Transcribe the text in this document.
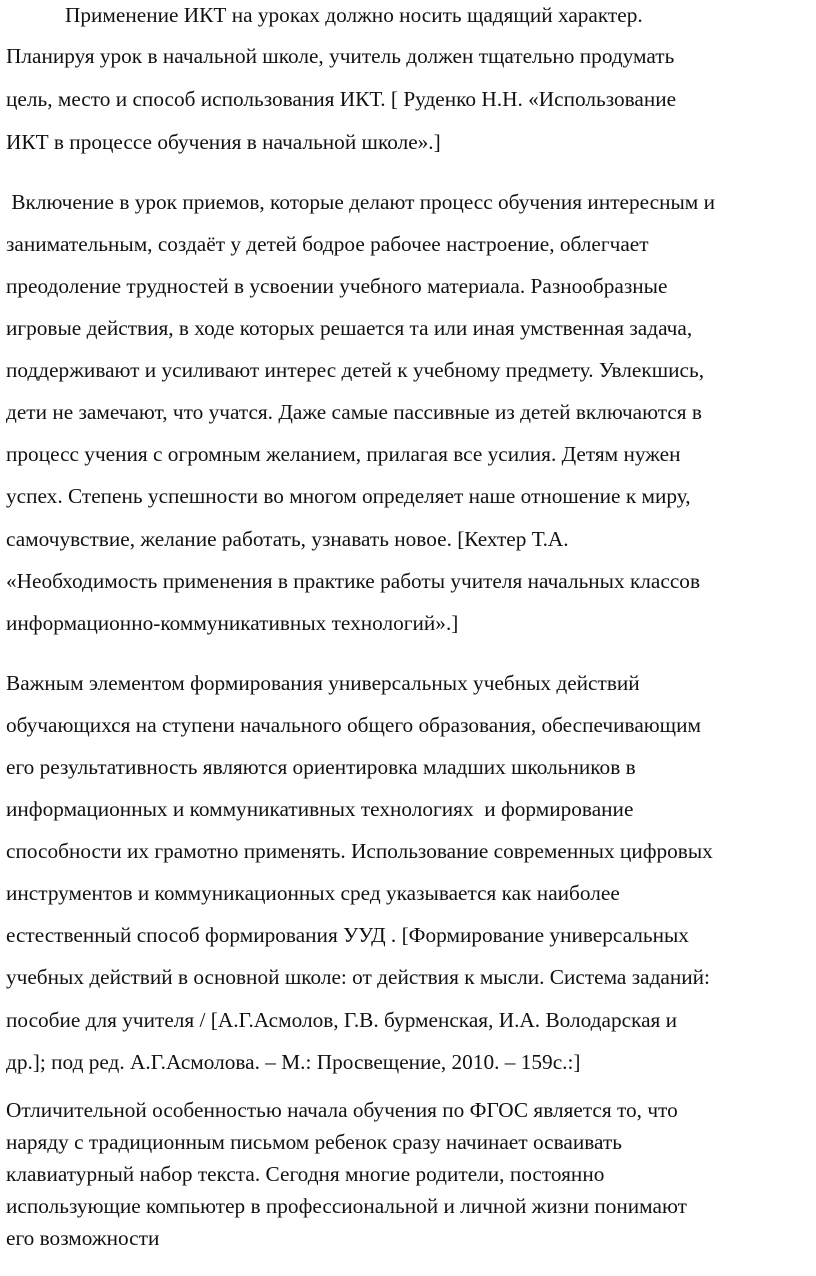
Применение ИКТ на уроках должно носить щадящий характер.
Планируя урок в начальной школе, учитель должен тщательно продумать
цель, место и способ использования ИКТ. [ Руденко Н.Н. «Использование
ИКТ в процессе обучения в начальной школе».]
Включение в урок приемов, которые делают процесс обучения интересным и
занимательным, создаёт у детей бодрое рабочее настроение, облегчает
преодоление трудностей в усвоении учебного материала. Разнообразные
игровые действия, в ходе которых решается та или иная умственная задача,
поддерживают и усиливают интерес детей к учебному предмету. Увлекшись,
дети не замечают, что учатся. Даже самые пассивные из детей включаются в
процесс учения с огромным желанием, прилагая все усилия. Детям нужен
успех. Степень успешности во многом определяет наше отношение к миру,
самочувствие, желание работать, узнавать новое. [Кехтер Т.А.
«Необходимость применения в практике работы учителя начальных классов
информационно-коммуникативных технологий».]
Важным элементом формирования универсальных учебных действий
обучающихся на ступени начального общего образования, обеспечивающим
его результативность являются ориентировка младших школьников в
информационных и коммуникативных технологиях  и формирование
способности их грамотно применять. Использование современных цифровых
инструментов и коммуникационных сред указывается как наиболее
естественный способ формирования УУД . [Формирование универсальных
учебных действий в основной школе: от действия к мысли. Система заданий:
пособие для учителя / [А.Г.Асмолов, Г.В. бурменская, И.А. Володарская и
др.]; под ред. А.Г.Асмолова. – М.: Просвещение, 2010. – 159с.:]
Отличительной особенностью начала обучения по ФГОС является то, что
наряду с традиционным письмом ребенок сразу начинает осваивать
клавиатурный набор текста. Сегодня многие родители, постоянно
использующие компьютер в профессиональной и личной жизни понимают
его возможности
